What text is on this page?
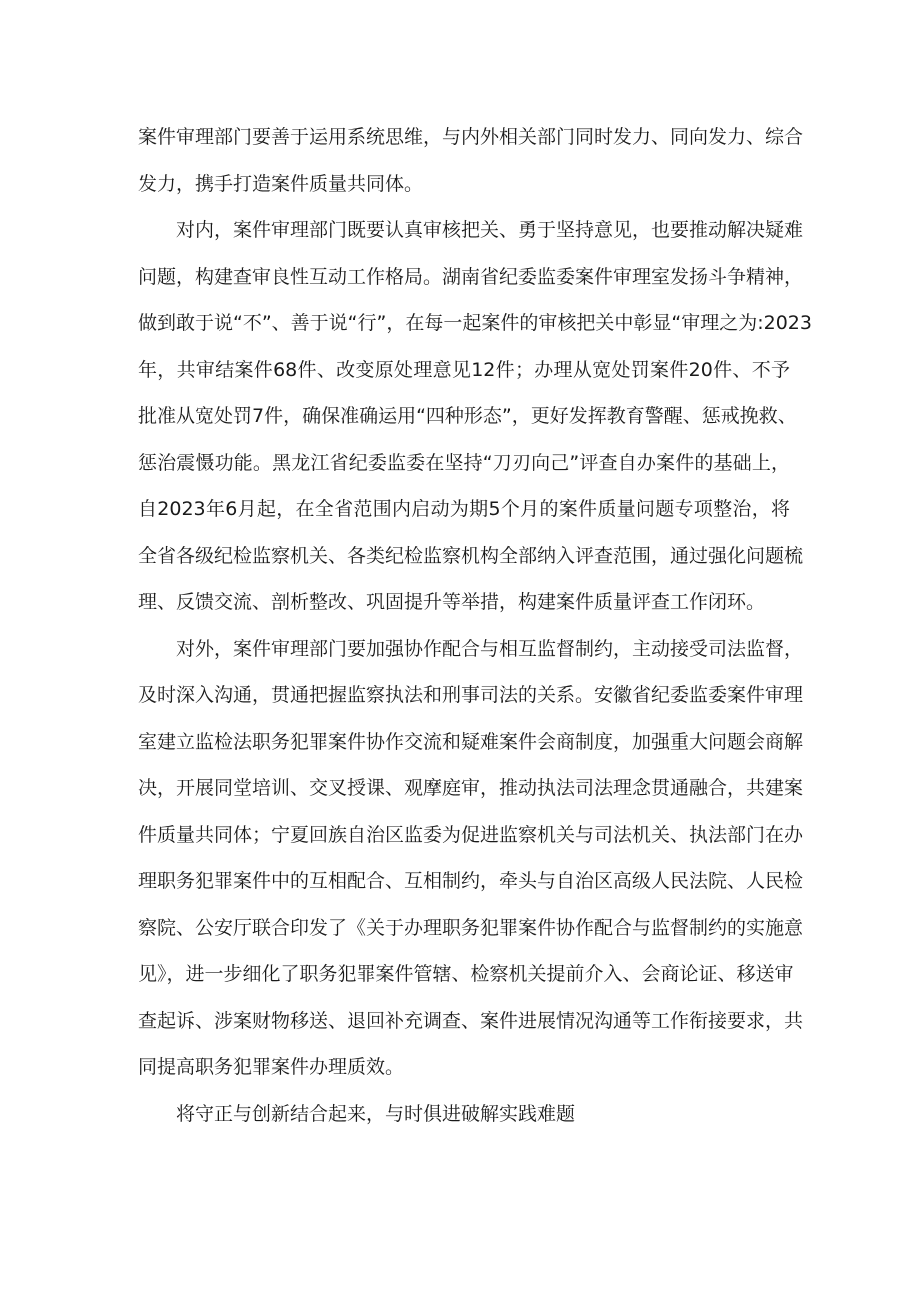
案件审理部门要善于运用系统思维，与内外相关部门同时发力、同向发力、综合
发力，携手打造案件质量共同体。
对内，案件审理部门既要认真审核把关、勇于坚持意见，也要推动解决疑难
问题，构建查审良性互动工作格局。湖南省纪委监委案件审理室发扬斗争精神，
做到敢于说“不”、善于说“行”，在每一起案件的审核把关中彰显“审理之为:2023
年，共审结案件68件、改变原处理意见12件；办理从宽处罚案件20件、不予
批准从宽处罚7件，确保准确运用“四种形态”，更好发挥教育警醒、惩戒挽救、
惩治震慑功能。黑龙江省纪委监委在坚持“刀刃向己”评查自办案件的基础上，
自2023年6月起，在全省范围内启动为期5个月的案件质量问题专项整治，将
全省各级纪检监察机关、各类纪检监察机构全部纳入评查范围，通过强化问题梳
理、反馈交流、剖析整改、巩固提升等举措，构建案件质量评查工作闭环。
对外，案件审理部门要加强协作配合与相互监督制约，主动接受司法监督，
及时深入沟通，贯通把握监察执法和刑事司法的关系。安徽省纪委监委案件审理
室建立监检法职务犯罪案件协作交流和疑难案件会商制度，加强重大问题会商解
决，开展同堂培训、交叉授课、观摩庭审，推动执法司法理念贯通融合，共建案
件质量共同体；宁夏回族自治区监委为促进监察机关与司法机关、执法部门在办
理职务犯罪案件中的互相配合、互相制约，牵头与自治区高级人民法院、人民检
察院、公安厅联合印发了《关于办理职务犯罪案件协作配合与监督制约的实施意
见》，进一步细化了职务犯罪案件管辖、检察机关提前介入、会商论证、移送审
查起诉、涉案财物移送、退回补充调查、案件进展情况沟通等工作衔接要求，共
同提高职务犯罪案件办理质效。
将守正与创新结合起来，与时俱进破解实践难题
